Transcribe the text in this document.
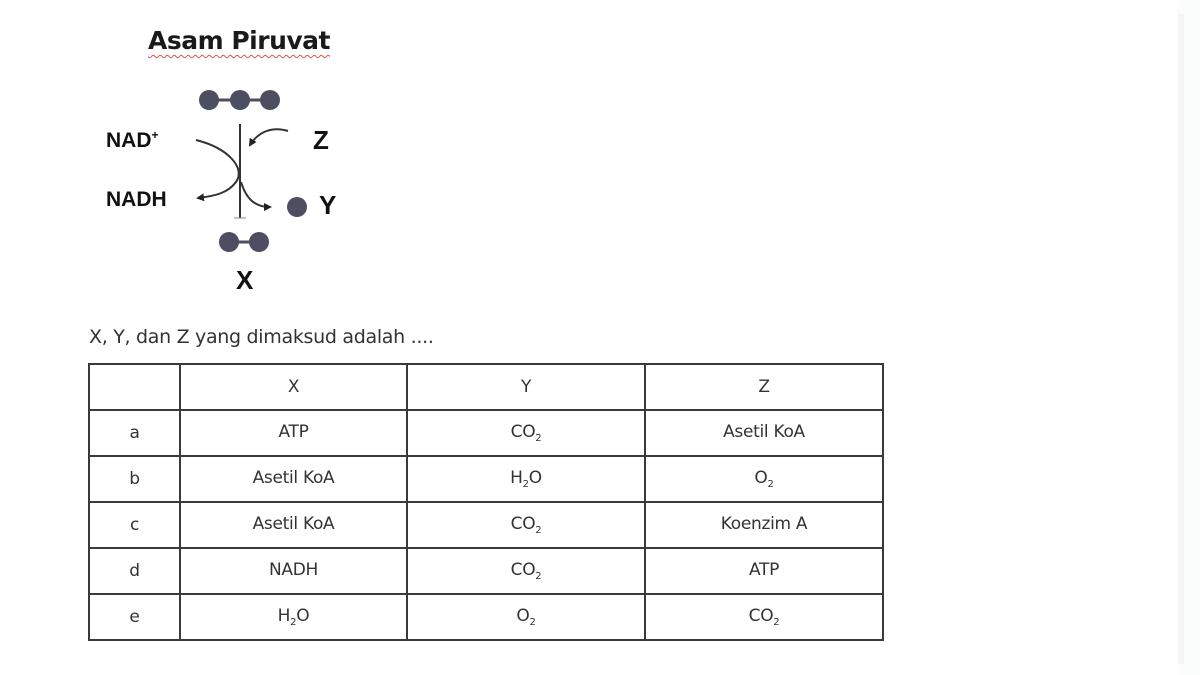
Asam Piruvat
NAD+
NADH
Z
Y
X
X, Y, dan Z yang dimaksud adalah ....
	X	Y	Z
a	ATP	$CO_2$	Asetil KoA
b	Asetil KoA	$H_2O$	$O_2$
c	Asetil KoA	$CO_2$	Koenzim A
d	NADH	$CO_2$	ATP
e	$H_2O$	$O_2$	$CO_2$
